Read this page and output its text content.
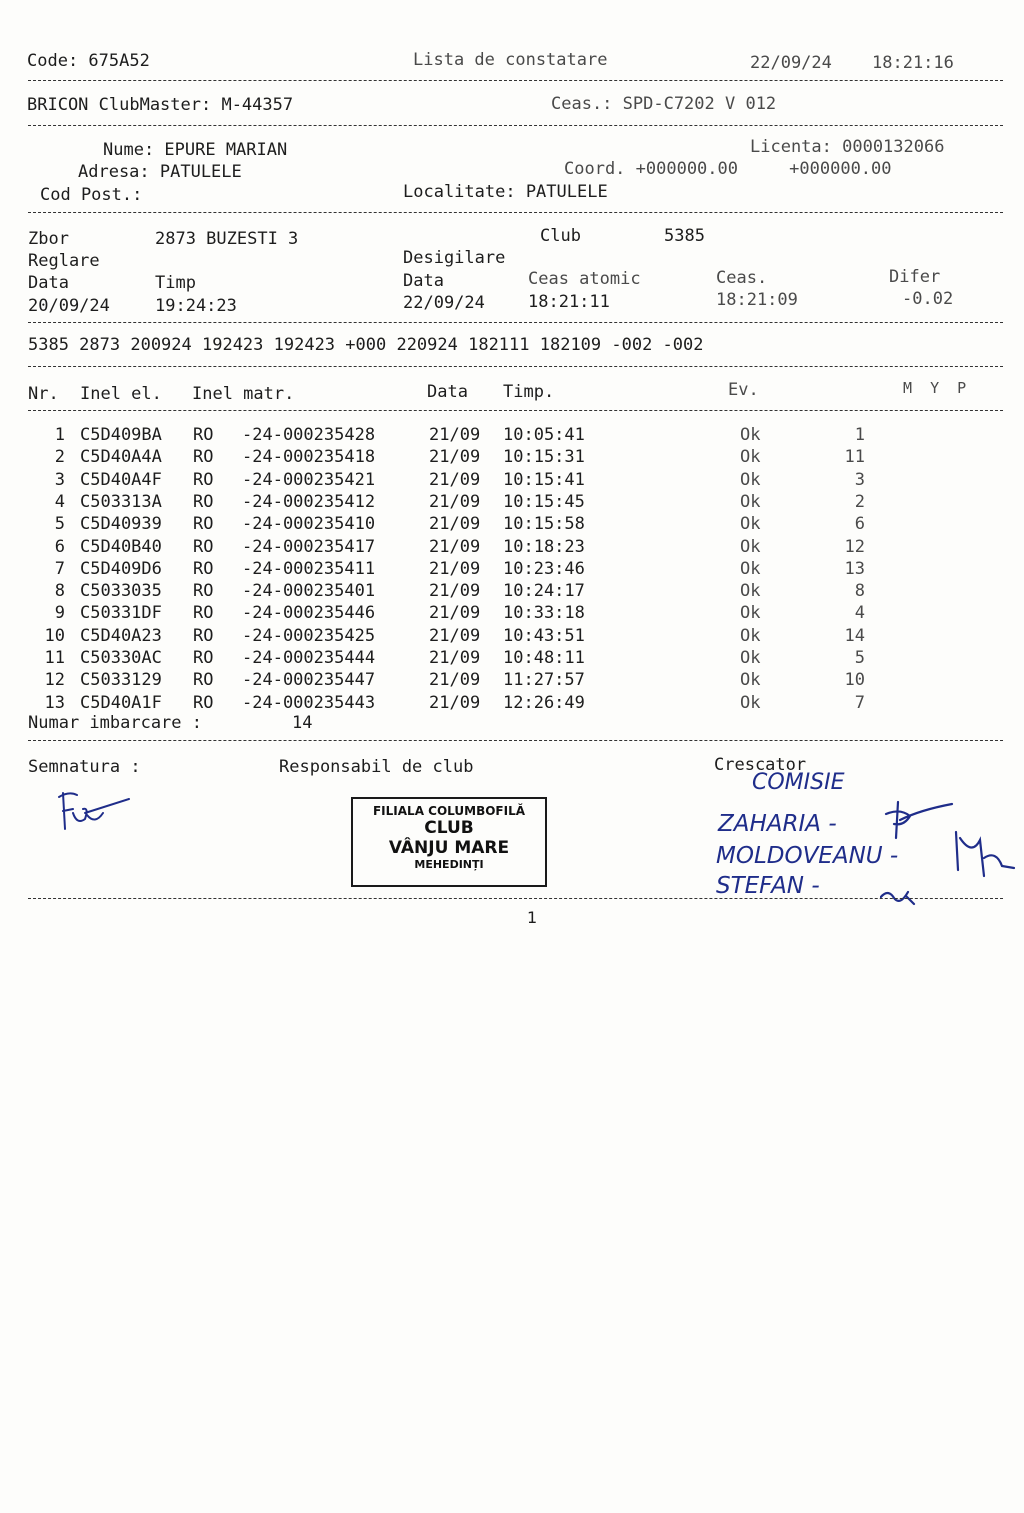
Code: 675A52	Lista de constatare	22/09/24 18:21:16
BRICON ClubMaster: M-44357	Ceas.: SPD-C7202 V 012
Nume: EPURE MARIAN	Licenta: 0000132066
Adresa: PATULELE	Coord. +000000.00     +000000.00
Cod Post.:	Localitate: PATULELE
Zbor	2873 BUZESTI 3	Club	5385
Reglare	Desigilare
Data	Timp	Data	Ceas atomic	Ceas.	Difer
20/09/24	19:24:23	22/09/24	18:21:11	18:21:09	-0.02
5385 2873 200924 192423 192423 +000 220924 182111 182109 -002 -002
Nr. Inel el. Inel matr.	Data Timp.	Ev.	M  Y  P
1 C5D409BA RO -24-000235428	21/09 10:05:41	Ok	1
2 C5D40A4A RO -24-000235418	21/09 10:15:31	Ok	11
3 C5D40A4F RO -24-000235421	21/09 10:15:41	Ok	3
4 C503313A RO -24-000235412	21/09 10:15:45	Ok	2
5 C5D40939 RO -24-000235410	21/09 10:15:58	Ok	6
6 C5D40B40 RO -24-000235417	21/09 10:18:23	Ok	12
7 C5D409D6 RO -24-000235411	21/09 10:23:46	Ok	13
8 C5033035 RO -24-000235401	21/09 10:24:17	Ok	8
9 C50331DF RO -24-000235446	21/09 10:33:18	Ok	4
10 C5D40A23 RO -24-000235425	21/09 10:43:51	Ok	14
11 C50330AC RO -24-000235444	21/09 10:48:11	Ok	5
12 C5033129 RO -24-000235447	21/09 11:27:57	Ok	10
13 C5D40A1F RO -24-000235443	21/09 12:26:49	Ok	7
Numar imbarcare :	14
Semnatura :	Responsabil de club	Crescator
FILIALA COLUMBOFILĂ
CLUB
VÂNJU MARE
MEHEDINȚI
COMISIE
ZAHARIA -
MOLDOVEANU -
STEFAN -
1
